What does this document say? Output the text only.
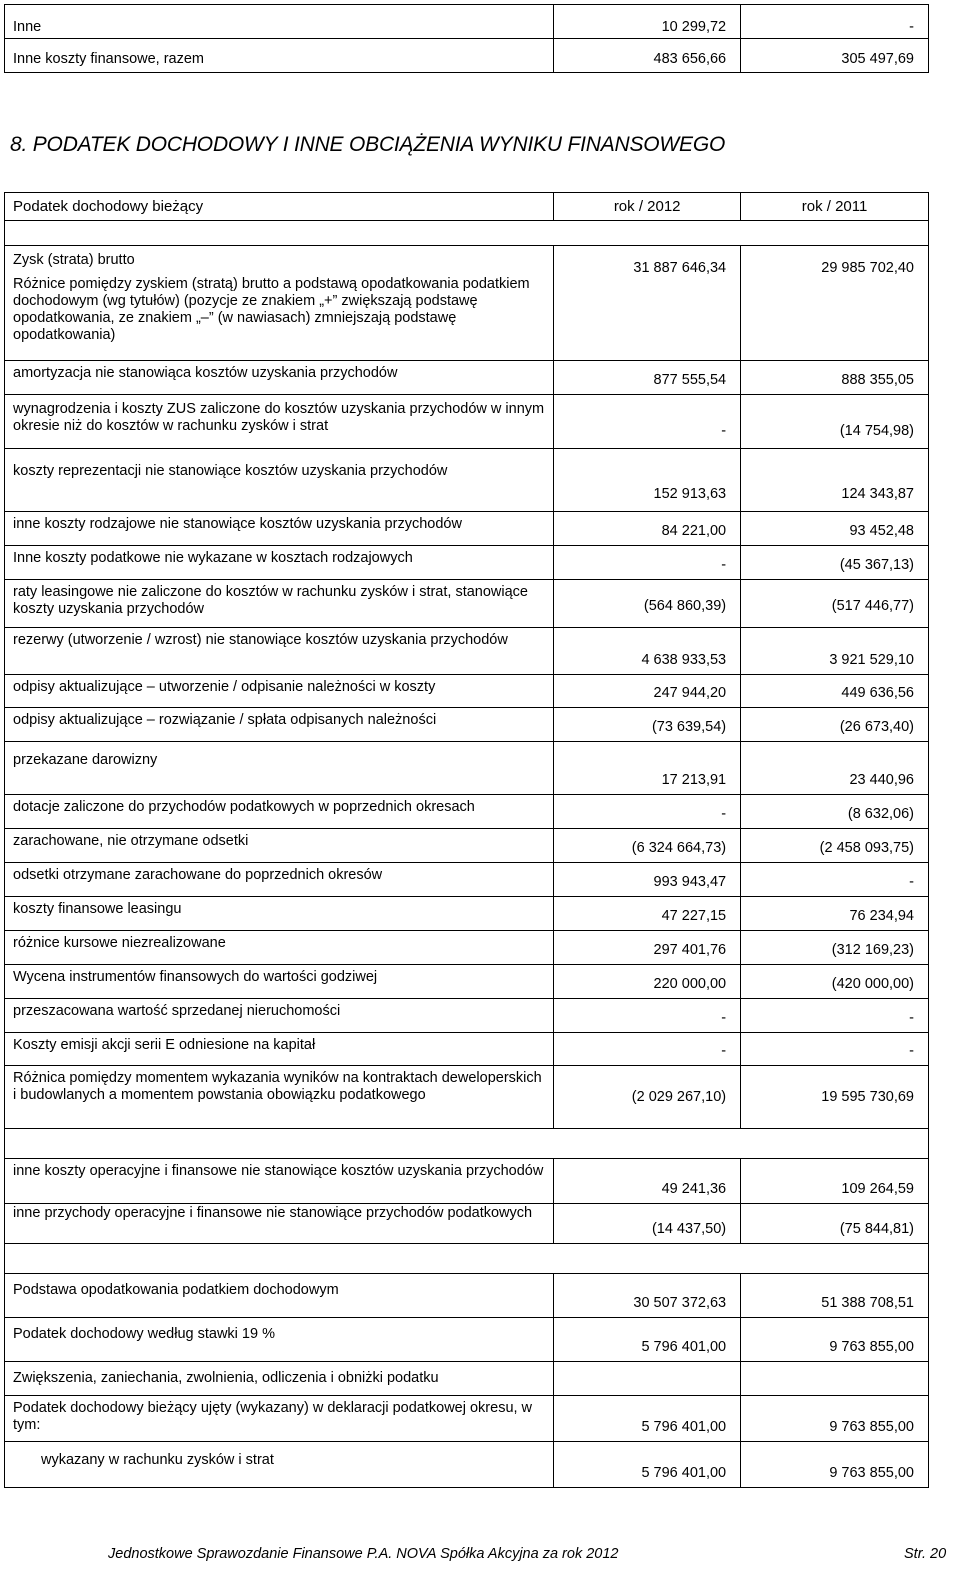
Inne	10 299,72	-
Inne koszty finansowe, razem	483 656,66	305 497,69
8. PODATEK DOCHODOWY I INNE OBCIĄŻENIA WYNIKU FINANSOWEGO
Podatek dochodowy bieżący	rok / 2012	rok / 2011

Zysk (strata) brutto
Różnice pomiędzy zyskiem (stratą) brutto a podstawą opodatkowania podatkiem dochodowym (wg tytułów) (pozycje ze znakiem „+” zwiększają podstawę opodatkowania, ze znakiem „–” (w nawiasach) zmniejszają podstawę opodatkowania)	31 887 646,34	29 985 702,40
amortyzacja nie stanowiąca kosztów uzyskania przychodów	877 555,54	888 355,05
wynagrodzenia i koszty ZUS zaliczone do kosztów uzyskania przychodów w innym okresie niż do kosztów w rachunku zysków i strat	-	(14 754,98)
koszty reprezentacji nie stanowiące kosztów uzyskania przychodów	152 913,63	124 343,87
inne koszty rodzajowe nie stanowiące kosztów uzyskania przychodów	84 221,00	93 452,48
Inne koszty podatkowe nie wykazane w kosztach rodzajowych	-	(45 367,13)
raty leasingowe nie zaliczone do kosztów w rachunku zysków i strat, stanowiące koszty uzyskania przychodów	(564 860,39)	(517 446,77)
rezerwy (utworzenie / wzrost) nie stanowiące kosztów uzyskania przychodów	4 638 933,53	3 921 529,10
odpisy aktualizujące – utworzenie / odpisanie należności w koszty	247 944,20	449 636,56
odpisy aktualizujące – rozwiązanie / spłata odpisanych należności	(73 639,54)	(26 673,40)
przekazane darowizny	17 213,91	23 440,96
dotacje zaliczone do przychodów podatkowych w poprzednich okresach	-	(8 632,06)
zarachowane, nie otrzymane odsetki	(6 324 664,73)	(2 458 093,75)
odsetki otrzymane zarachowane do poprzednich okresów	993 943,47	-
koszty finansowe leasingu	47 227,15	76 234,94
różnice kursowe niezrealizowane	297 401,76	(312 169,23)
Wycena instrumentów finansowych do wartości godziwej	220 000,00	(420 000,00)
przeszacowana wartość sprzedanej nieruchomości	-	-
Koszty emisji akcji serii E odniesione na kapitał	-	-
Różnica pomiędzy momentem wykazania wyników na kontraktach deweloperskich i budowlanych a momentem powstania obowiązku podatkowego	(2 029 267,10)	19 595 730,69

inne koszty operacyjne i finansowe nie stanowiące kosztów uzyskania przychodów	49 241,36	109 264,59
inne przychody operacyjne i finansowe nie stanowiące przychodów podatkowych	(14 437,50)	(75 844,81)

Podstawa opodatkowania podatkiem dochodowym	30 507 372,63	51 388 708,51
Podatek dochodowy według stawki 19 %	5 796 401,00	9 763 855,00
Zwiększenia, zaniechania, zwolnienia, odliczenia i obniżki podatku		
Podatek dochodowy bieżący ujęty (wykazany) w deklaracji podatkowej okresu, w tym:	5 796 401,00	9 763 855,00
wykazany w rachunku zysków i strat	5 796 401,00	9 763 855,00
Jednostkowe Sprawozdanie Finansowe P.A. NOVA Spółka Akcyjna za rok 2012	Str. 20
